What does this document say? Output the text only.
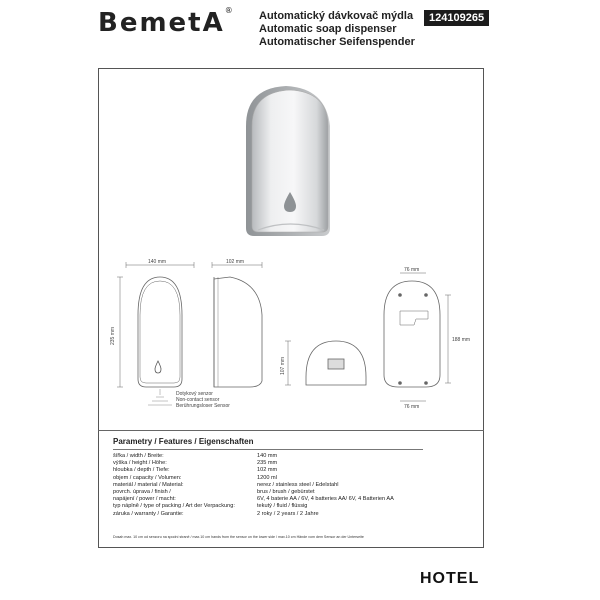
BemetA® Automatický dávkovač mýdla
Automatic soap dispenser
Automatischer Seifenspender
124109265
140 mm
235 mm
Dotykový senzor
Non-contact sensor
Berührungsloser Sensor
102 mm
107 mm
76 mm
76 mm
188 mm
Parametry / Features / Eigenschaften
šířka / width / Breite:	140 mm
výška / height / Höhe:	235 mm
hloubka / depth / Tiefe:	102 mm
objem / capacity / Volumen:	1200 ml
materiál / material / Material:	nerez / stainless steel / Edelstahl
povrch. úprava / finish /	brus / brush / gebürstet
napájení / power / macht:	6V, 4 baterie AA / 6V, 4 batteries AA/ 6V, 4 Batterien AA
typ náplně / type of packing / Art der Verpackung:	tekutý / fluid / flüssig
záruka / warranty / Garantie:	2 roky / 2 years / 2 Jahre
Dosah max. 10 cm od senzoru na spodní straně / max.10 cm hands from the sensor on the lower side / max.10 cm Hände vom dem Sensor an der Unterseite
HOTEL
